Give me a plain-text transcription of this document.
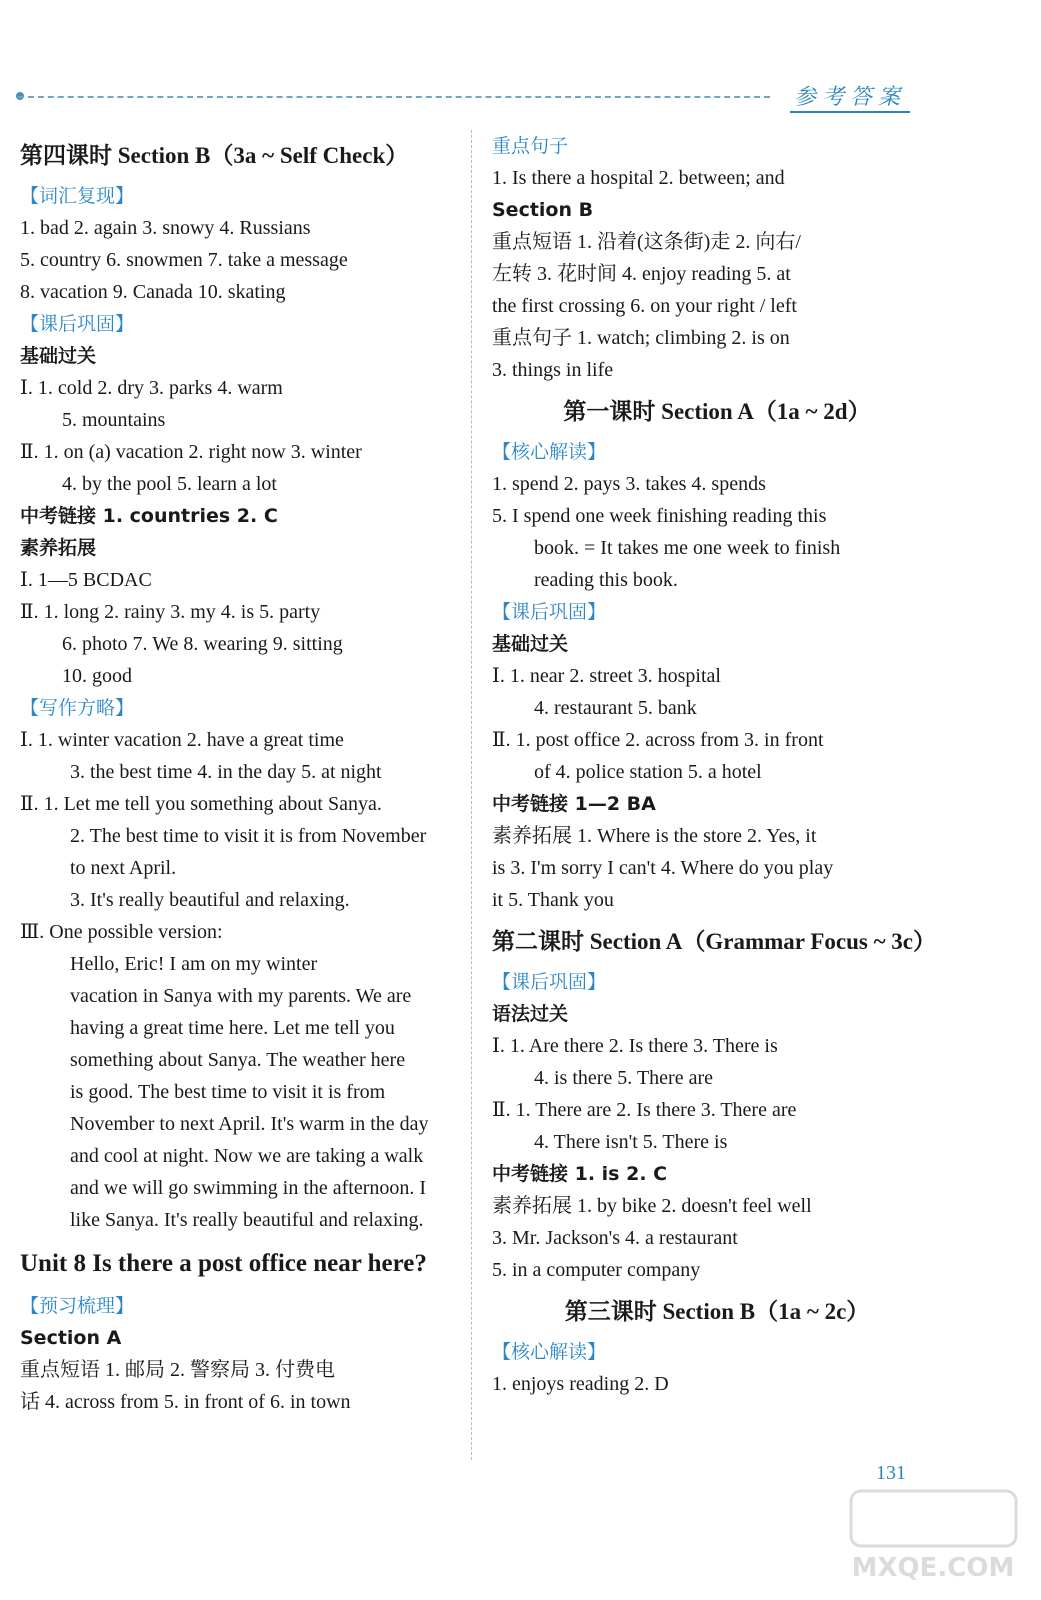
参考答案
第四课时 Section B（3a ~ Self Check）
【词汇复现】
1. bad 2. again 3. snowy 4. Russians
5. country 6. snowmen 7. take a message
8. vacation 9. Canada 10. skating
【课后巩固】
基础过关
Ⅰ. 1. cold 2. dry 3. parks 4. warm
5. mountains
Ⅱ. 1. on (a) vacation 2. right now 3. winter
4. by the pool 5. learn a lot
中考链接 1. countries 2. C
素养拓展
Ⅰ. 1—5 BCDAC
Ⅱ. 1. long 2. rainy 3. my 4. is 5. party
6. photo 7. We 8. wearing 9. sitting
10. good
【写作方略】
Ⅰ. 1. winter vacation 2. have a great time
3. the best time 4. in the day 5. at night
Ⅱ. 1. Let me tell you something about Sanya.
2. The best time to visit it is from November
to next April.
3. It's really beautiful and relaxing.
Ⅲ. One possible version:
Hello, Eric! I am on my winter
vacation in Sanya with my parents. We are
having a great time here. Let me tell you
something about Sanya. The weather here
is good. The best time to visit it is from
November to next April. It's warm in the day
and cool at night. Now we are taking a walk
and we will go swimming in the afternoon. I
like Sanya. It's really beautiful and relaxing.
Unit 8 Is there a post office near here?
【预习梳理】
Section A
重点短语 1. 邮局 2. 警察局 3. 付费电
话 4. across from 5. in front of 6. in town
重点句子
1. Is there a hospital 2. between; and
Section B
重点短语 1. 沿着(这条街)走 2. 向右/
左转 3. 花时间 4. enjoy reading 5. at
the first crossing 6. on your right / left
重点句子 1. watch; climbing 2. is on
3. things in life
第一课时 Section A（1a ~ 2d）
【核心解读】
1. spend 2. pays 3. takes 4. spends
5. I spend one week finishing reading this
book. = It takes me one week to finish
reading this book.
【课后巩固】
基础过关
Ⅰ. 1. near 2. street 3. hospital
4. restaurant 5. bank
Ⅱ. 1. post office 2. across from 3. in front
of 4. police station 5. a hotel
中考链接 1—2 BA
素养拓展 1. Where is the store 2. Yes, it
is 3. I'm sorry I can't 4. Where do you play
it 5. Thank you
第二课时 Section A（Grammar Focus ~ 3c）
【课后巩固】
语法过关
Ⅰ. 1. Are there 2. Is there 3. There is
4. is there 5. There are
Ⅱ. 1. There are 2. Is there 3. There are
4. There isn't 5. There is
中考链接 1. is 2. C
素养拓展 1. by bike 2. doesn't feel well
3. Mr. Jackson's 4. a restaurant
5. in a computer company
第三课时 Section B（1a ~ 2c）
【核心解读】
1. enjoys reading 2. D
131
MXQE.COM
